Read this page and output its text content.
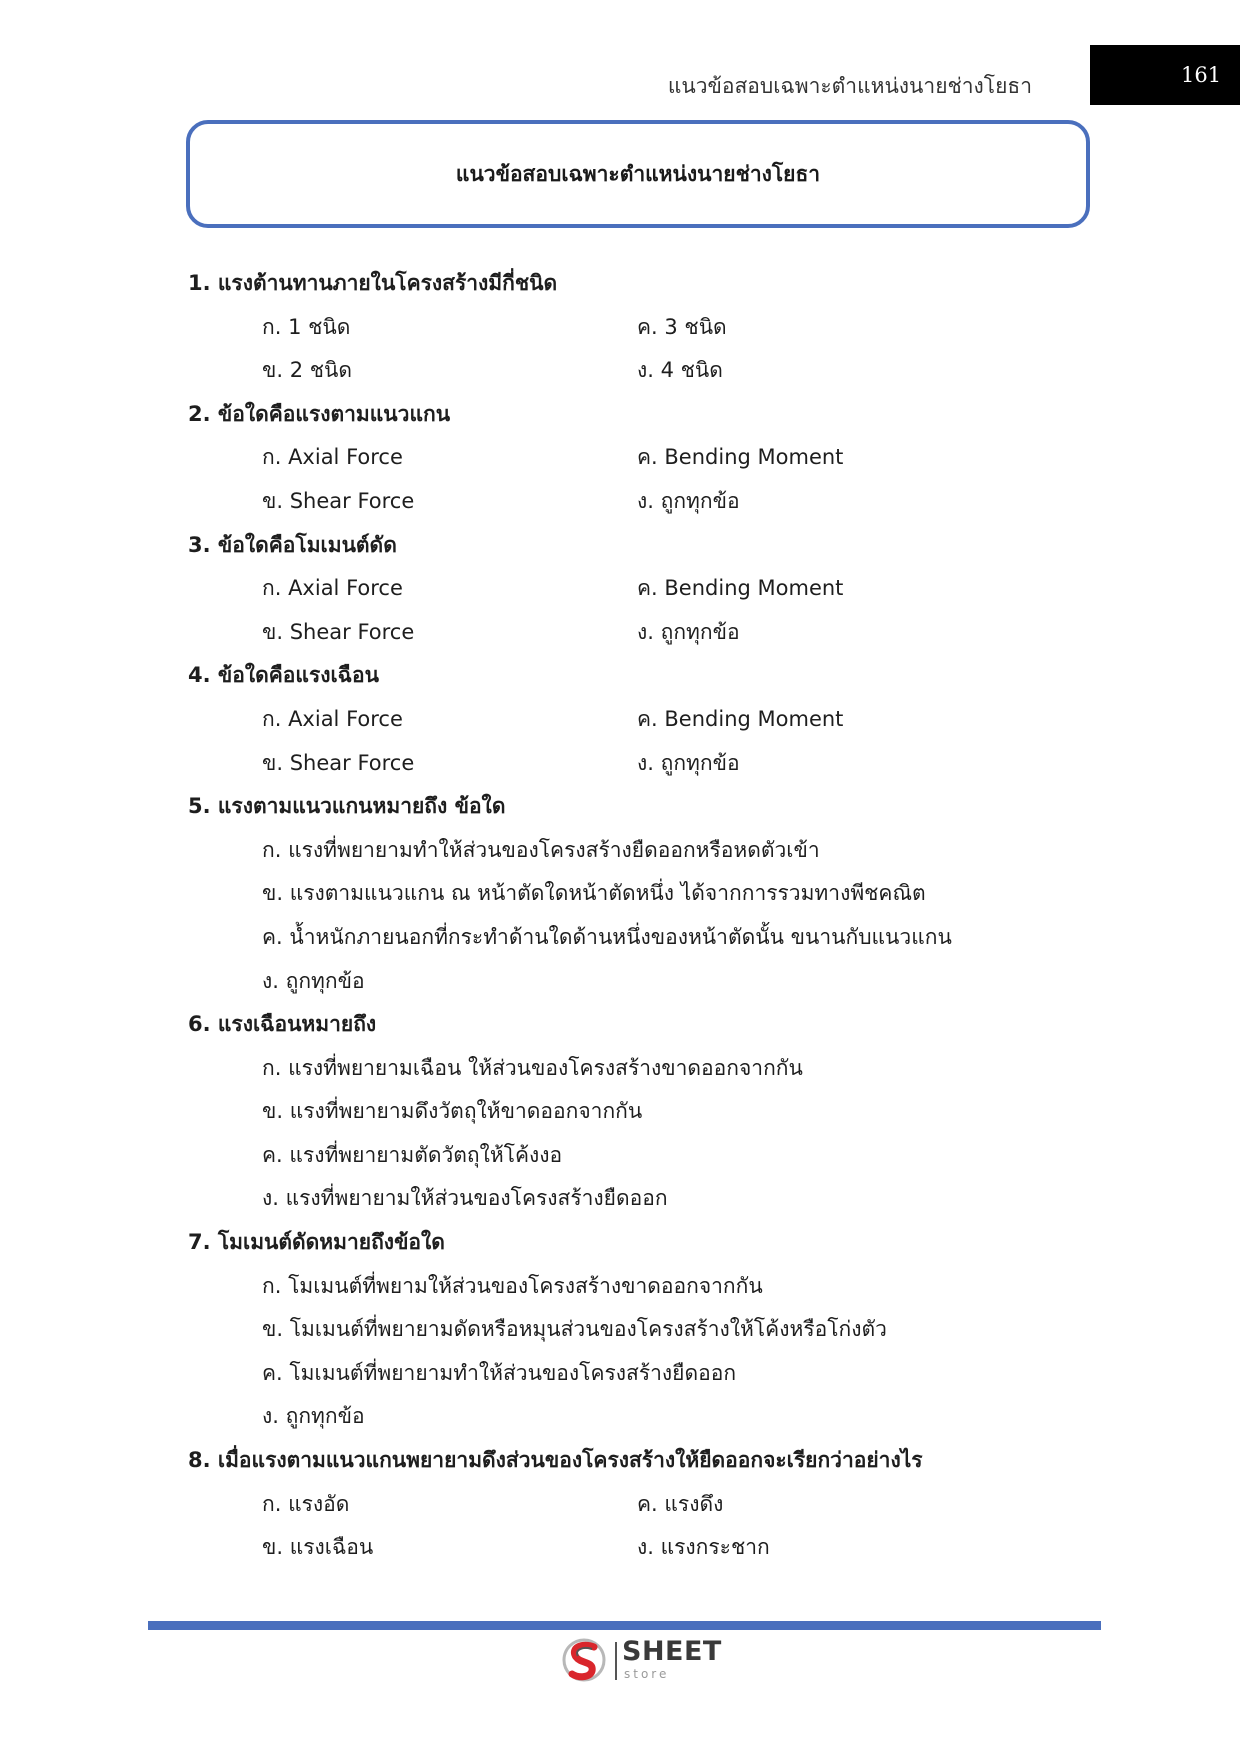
แนวข้อสอบเฉพาะตำแหน่งนายช่างโยธา	161
แนวข้อสอบเฉพาะตำแหน่งนายช่างโยธา
1. แรงต้านทานภายในโครงสร้างมีกี่ชนิด
ก. 1 ชนิด	ค. 3 ชนิด
ข. 2 ชนิด	ง. 4 ชนิด
2. ข้อใดคือแรงตามแนวแกน
ก. Axial Force	ค. Bending Moment
ข. Shear Force	ง. ถูกทุกข้อ
3. ข้อใดคือโมเมนต์ดัด
ก. Axial Force	ค. Bending Moment
ข. Shear Force	ง. ถูกทุกข้อ
4. ข้อใดคือแรงเฉือน
ก. Axial Force	ค. Bending Moment
ข. Shear Force	ง. ถูกทุกข้อ
5. แรงตามแนวแกนหมายถึง ข้อใด
ก. แรงที่พยายามทำให้ส่วนของโครงสร้างยืดออกหรือหดตัวเข้า
ข. แรงตามแนวแกน ณ หน้าตัดใดหน้าตัดหนึ่ง ได้จากการรวมทางพีชคณิต
ค. น้ำหนักภายนอกที่กระทำด้านใดด้านหนึ่งของหน้าตัดนั้น ขนานกับแนวแกน
ง. ถูกทุกข้อ
6. แรงเฉือนหมายถึง
ก. แรงที่พยายามเฉือน ให้ส่วนของโครงสร้างขาดออกจากกัน
ข. แรงที่พยายามดึงวัตถุให้ขาดออกจากกัน
ค. แรงที่พยายามตัดวัตถุให้โค้งงอ
ง. แรงที่พยายามให้ส่วนของโครงสร้างยืดออก
7. โมเมนต์ดัดหมายถึงข้อใด
ก. โมเมนต์ที่พยามให้ส่วนของโครงสร้างขาดออกจากกัน
ข. โมเมนต์ที่พยายามดัดหรือหมุนส่วนของโครงสร้างให้โค้งหรือโก่งตัว
ค. โมเมนต์ที่พยายามทำให้ส่วนของโครงสร้างยืดออก
ง. ถูกทุกข้อ
8. เมื่อแรงตามแนวแกนพยายามดึงส่วนของโครงสร้างให้ยืดออกจะเรียกว่าอย่างไร
ก. แรงอัด	ค. แรงดึง
ข. แรงเฉือน	ง. แรงกระชาก
SHEET
store
